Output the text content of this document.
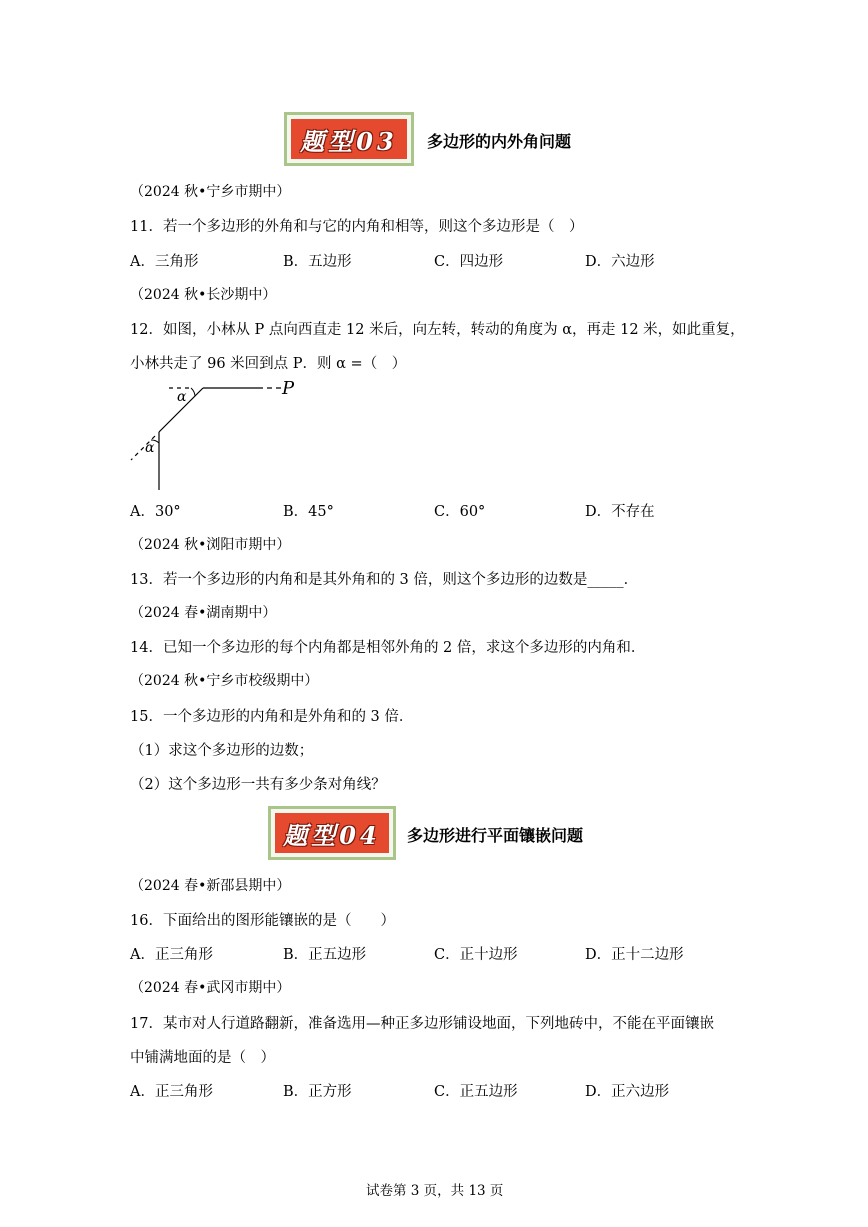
题型03	多边形的内外角问题
（2024 秋•宁乡市期中）
11．若一个多边形的外角和与它的内角和相等，则这个多边形是（　）
A．三角形	B．五边形	C．四边形	D．六边形
（2024 秋•长沙期中）
12．如图，小林从 P 点向西直走 12 米后，向左转，转动的角度为 α，再走 12 米，如此重复，
小林共走了 96 米回到点 P．则 α =（　）
α
α
P
A．30°	B．45°	C．60°	D．不存在
（2024 秋•浏阳市期中）
13．若一个多边形的内角和是其外角和的 3 倍，则这个多边形的边数是_____．
（2024 春•湖南期中）
14．已知一个多边形的每个内角都是相邻外角的 2 倍，求这个多边形的内角和．
（2024 秋•宁乡市校级期中）
15．一个多边形的内角和是外角和的 3 倍．
（1）求这个多边形的边数；
（2）这个多边形一共有多少条对角线？
题型04	多边形进行平面镶嵌问题
（2024 春•新邵县期中）
16．下面给出的图形能镶嵌的是（　　）
A．正三角形	B．正五边形	C．正十边形	D．正十二边形
（2024 春•武冈市期中）
17．某市对人行道路翻新，准备选用—种正多边形铺设地面，下列地砖中，不能在平面镶嵌
中铺满地面的是（　）
A．正三角形	B．正方形	C．正五边形	D．正六边形
试卷第 3 页，共 13 页
